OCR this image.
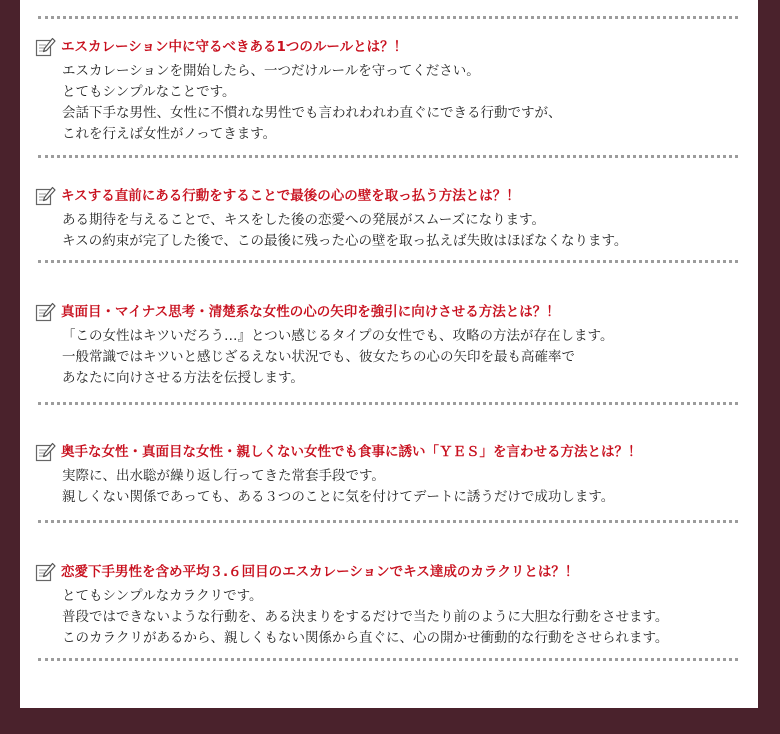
エスカレーション中に守るべきある1つのルールとは？！
エスカレーションを開始したら、一つだけルールを守ってください。
とてもシンプルなことです。
会話下手な男性、女性に不慣れな男性でも言われわれわ直ぐにできる行動ですが、
これを行えば女性がノってきます。
キスする直前にある行動をすることで最後の心の壁を取っ払う方法とは？！
ある期待を与えることで、キスをした後の恋愛への発展がスムーズになります。
キスの約束が完了した後で、この最後に残った心の壁を取っ払えば失敗はほぼなくなります。
真面目・マイナス思考・清楚系な女性の心の矢印を強引に向けさせる方法とは？！
「この女性はキツいだろう…』とつい感じるタイプの女性でも、攻略の方法が存在します。
一般常識ではキツいと感じざるえない状況でも、彼女たちの心の矢印を最も高確率で
あなたに向けさせる方法を伝授します。
奥手な女性・真面目な女性・親しくない女性でも食事に誘い「ＹＥＳ」を言わせる方法とは？！
実際に、出水聡が繰り返し行ってきた常套手段です。
親しくない関係であっても、ある３つのことに気を付けてデートに誘うだけで成功します。
恋愛下手男性を含め平均３.６回目のエスカレーションでキス達成のカラクリとは？！
とてもシンプルなカラクリです。
普段ではできないような行動を、ある決まりをするだけで当たり前のように大胆な行動をさせます。
このカラクリがあるから、親しくもない関係から直ぐに、心の開かせ衝動的な行動をさせられます。
